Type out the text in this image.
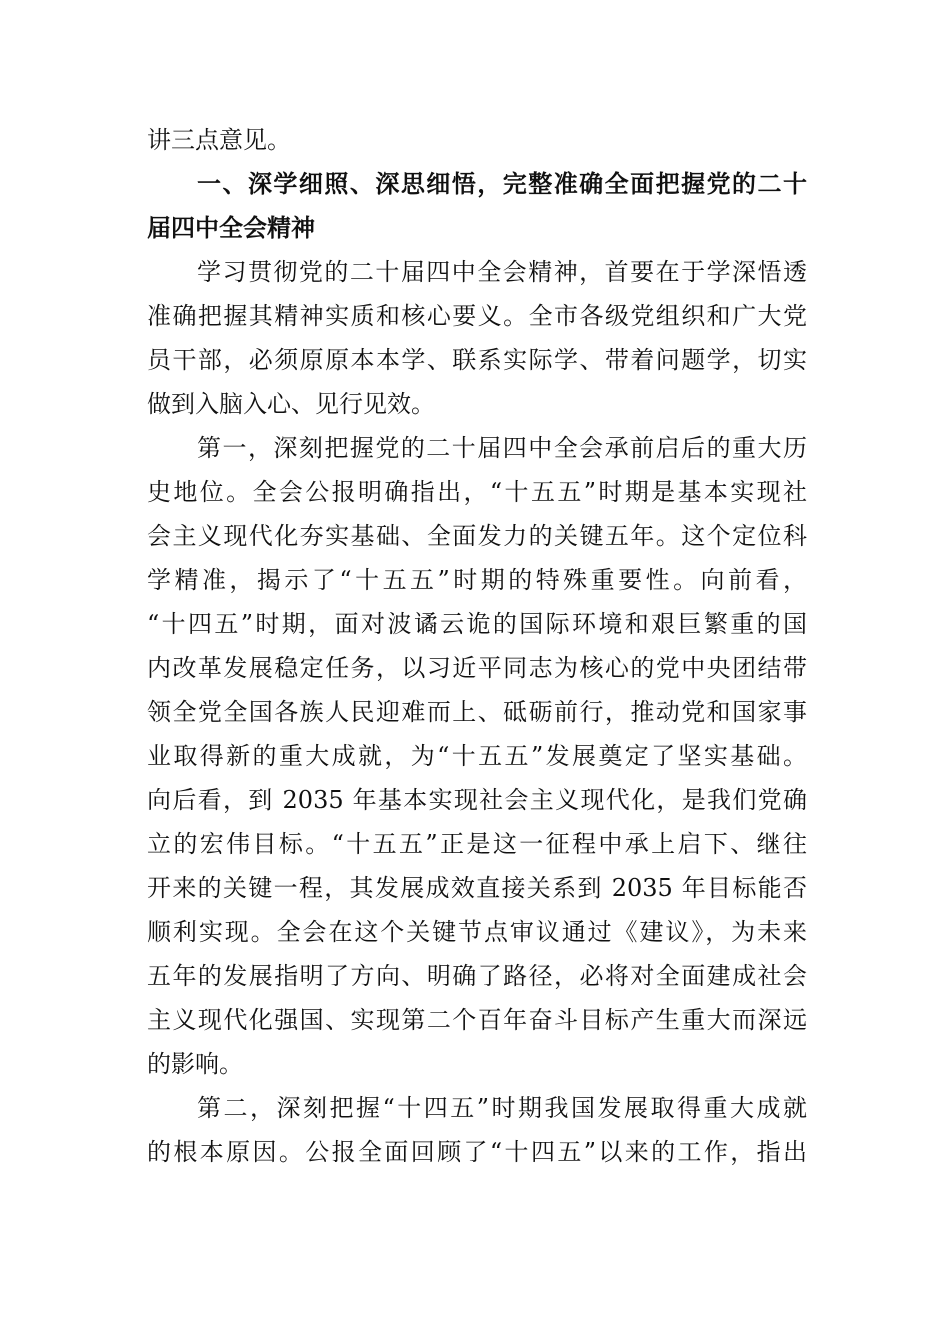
讲三点意见。
一、深学细照、深思细悟，完整准确全面把握党的二十
届四中全会精神
学习贯彻党的二十届四中全会精神，首要在于学深悟透
准确把握其精神实质和核心要义。全市各级党组织和广大党
员干部，必须原原本本学、联系实际学、带着问题学，切实
做到入脑入心、见行见效。
第一，深刻把握党的二十届四中全会承前启后的重大历
史地位。全会公报明确指出，“十五五”时期是基本实现社
会主义现代化夯实基础、全面发力的关键五年。这个定位科
学精准，揭示了“十五五”时期的特殊重要性。向前看，
“十四五”时期，面对波谲云诡的国际环境和艰巨繁重的国
内改革发展稳定任务，以习近平同志为核心的党中央团结带
领全党全国各族人民迎难而上、砥砺前行，推动党和国家事
业取得新的重大成就，为“十五五”发展奠定了坚实基础。
向后看，到 2035 年基本实现社会主义现代化，是我们党确
立的宏伟目标。“十五五”正是这一征程中承上启下、继往
开来的关键一程，其发展成效直接关系到 2035 年目标能否
顺利实现。全会在这个关键节点审议通过《建议》，为未来
五年的发展指明了方向、明确了路径，必将对全面建成社会
主义现代化强国、实现第二个百年奋斗目标产生重大而深远
的影响。
第二，深刻把握“十四五”时期我国发展取得重大成就
的根本原因。公报全面回顾了“十四五”以来的工作，指出
